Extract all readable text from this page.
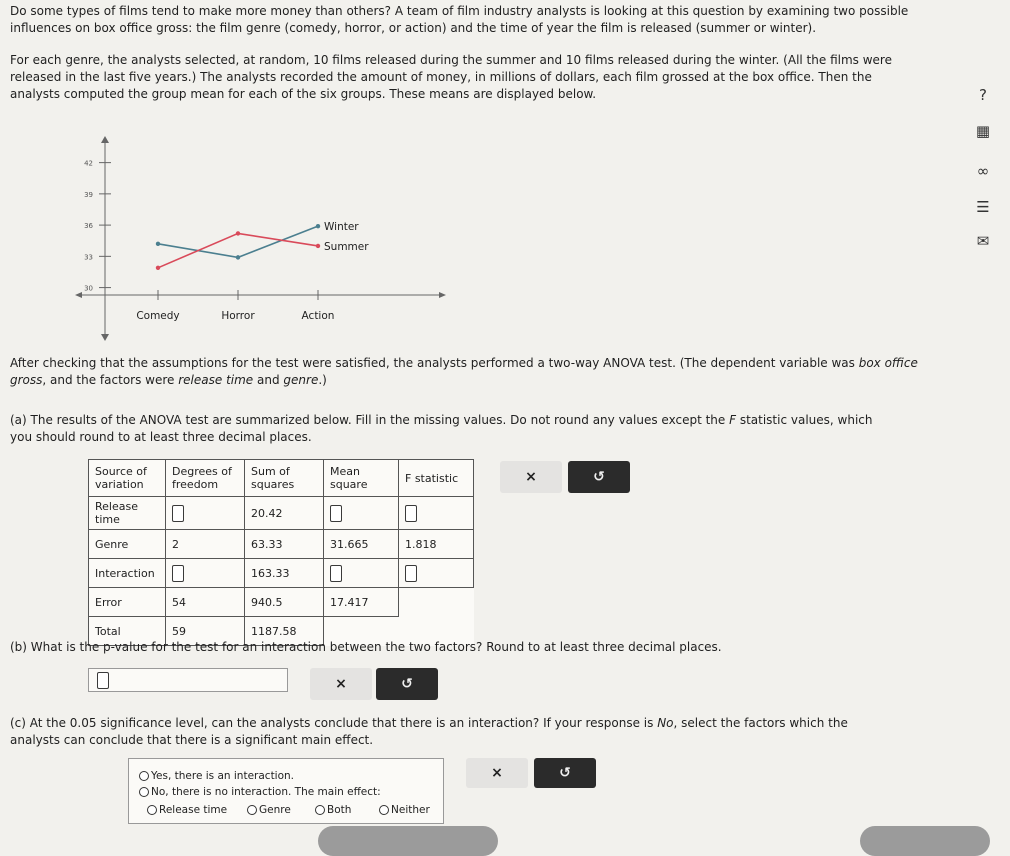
Do some types of films tend to make more money than others? A team of film industry analysts is looking at this question by examining two possible influences on box office gross: the film genre (comedy, horror, or action) and the time of year the film is released (summer or winter).

For each genre, the analysts selected, at random, 10 films released during the summer and 10 films released during the winter. (All the films were released in the last five years.) The analysts recorded the amount of money, in millions of dollars, each film grossed at the box office. Then the analysts computed the group mean for each of the six groups. These means are displayed below.	?
▦
∞
☰
✉
42
39
36
33
30
Comedy	Horror	Action
Winter
Summer

After checking that the assumptions for the test were satisfied, the analysts performed a two-way ANOVA test. (The dependent variable was box office gross, and the factors were release time and genre.)

(a) The results of the ANOVA test are summarized below. Fill in the missing values. Do not round any values except the F statistic values, which you should round to at least three decimal places.

Source of variation	Degrees of freedom	Sum of squares	Mean square	F statistic
Release time		20.42		
Genre	2	63.33	31.665	1.818
Interaction		163.33		
Error	54	940.5	17.417	
Total	59	1187.58		
×	↺

(b) What is the p-value for the test for an interaction between the two factors? Round to at least three decimal places.

×	↺

(c) At the 0.05 significance level, can the analysts conclude that there is an interaction? If your response is No, select the factors which the analysts can conclude that there is a significant main effect.

Yes, there is an interaction.
No, there is no interaction. The main effect:
Release time	Genre	Both	Neither
×	↺
